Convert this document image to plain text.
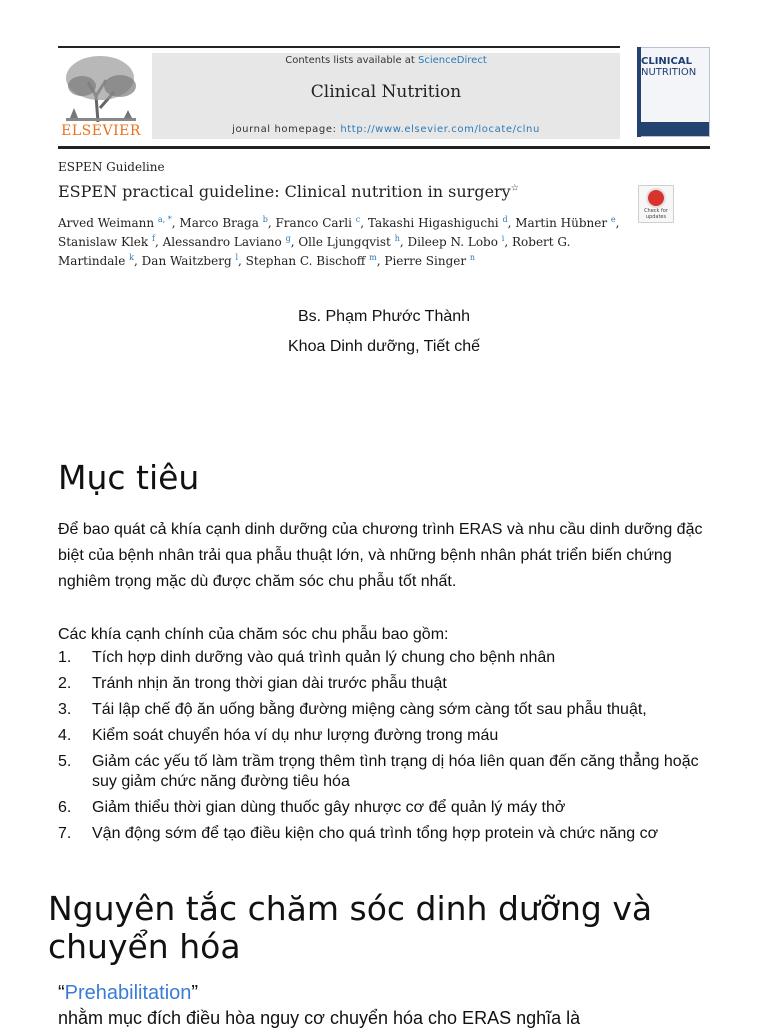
ELSEVIER
Contents lists available at ScienceDirect
Clinical Nutrition
journal homepage: http://www.elsevier.com/locate/clnu
CLINICAL
NUTRITION
ESPEN Guideline
ESPEN practical guideline: Clinical nutrition in surgery☆
Arved Weimann $^{a, *}$, Marco Braga $^b$, Franco Carli $^c$, Takashi Higashiguchi $^d$, Martin Hübner $^e$, Stanislaw Klek $^f$, Alessandro Laviano $^g$, Olle Ljungqvist $^h$, Dileep N. Lobo $^i$, Robert G. Martindale $^k$, Dan Waitzberg $^l$, Stephan C. Bischoff $^m$, Pierre Singer $^n$
Check for updates
Bs. Phạm Phước Thành
Khoa Dinh dưỡng, Tiết chế
Mục tiêu
Để bao quát cả khía cạnh dinh dưỡng của chương trình ERAS và nhu cầu dinh dưỡng đặc biệt của bệnh nhân trải qua phẫu thuật lớn, và những bệnh nhân phát triển biến chứng nghiêm trọng mặc dù được chăm sóc chu phẫu tốt nhất.
Các khía cạnh chính của chăm sóc chu phẫu bao gồm:
1. Tích hợp dinh dưỡng vào quá trình quản lý chung cho bệnh nhân
2. Tránh nhịn ăn trong thời gian dài trước phẫu thuật
3. Tái lập chế độ ăn uống bằng đường miệng càng sớm càng tốt sau phẫu thuật,
4. Kiểm soát chuyển hóa ví dụ như lượng đường trong máu
5. Giảm các yếu tố làm trầm trọng thêm tình trạng dị hóa liên quan đến căng thẳng hoặc suy giảm chức năng đường tiêu hóa
6. Giảm thiểu thời gian dùng thuốc gây nhược cơ để quản lý máy thở
7. Vận động sớm để tạo điều kiện cho quá trình tổng hợp protein và chức năng cơ
Nguyên tắc chăm sóc dinh dưỡng và chuyển hóa
“Prehabilitation”
nhằm mục đích điều hòa nguy cơ chuyển hóa cho ERAS nghĩa là
